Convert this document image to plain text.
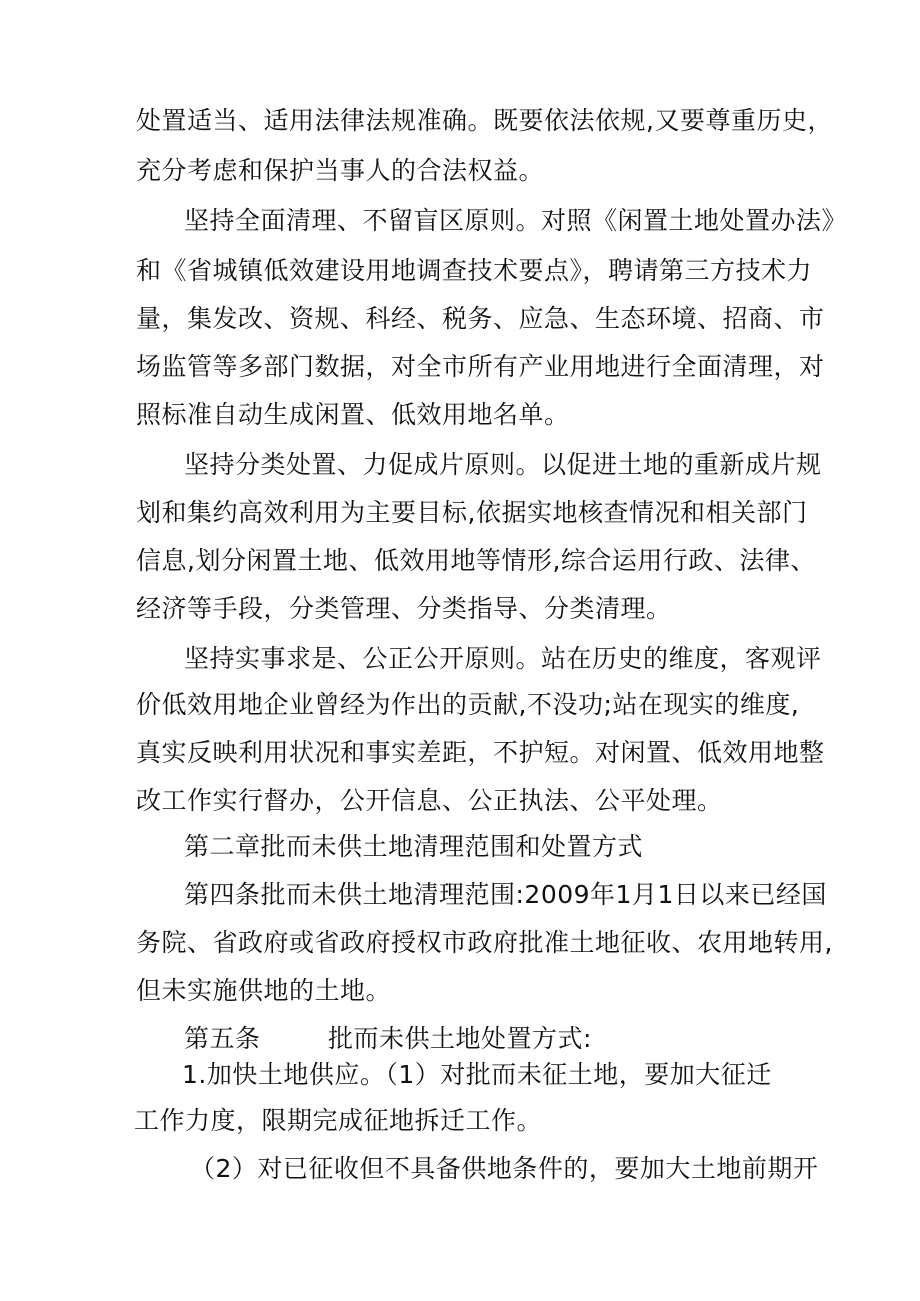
处置适当、适用法律法规准确。既要依法依规,又要尊重历史，
充分考虑和保护当事人的合法权益。
坚持全面清理、不留盲区原则。对照《闲置土地处置办法》
和《省城镇低效建设用地调查技术要点》，聘请第三方技术力
量，集发改、资规、科经、税务、应急、生态环境、招商、市
场监管等多部门数据，对全市所有产业用地进行全面清理，对
照标准自动生成闲置、低效用地名单。
坚持分类处置、力促成片原则。以促进土地的重新成片规
划和集约高效利用为主要目标,依据实地核查情况和相关部门
信息,划分闲置土地、低效用地等情形,综合运用行政、法律、
经济等手段，分类管理、分类指导、分类清理。
坚持实事求是、公正公开原则。站在历史的维度，客观评
价低效用地企业曾经为作出的贡献,不没功;站在现实的维度,
真实反映利用状况和事实差距，不护短。对闲置、低效用地整
改工作实行督办，公开信息、公正执法、公平处理。
第二章批而未供土地清理范围和处置方式
第四条批而未供土地清理范围:2009年1月1日以来已经国
务院、省政府或省政府授权市政府批准土地征收、农用地转用,
但未实施供地的土地。
第五条	批而未供土地处置方式:
1.加快土地供应。（1）对批而未征土地，要加大征迁
工作力度，限期完成征地拆迁工作。
（2）对已征收但不具备供地条件的，要加大土地前期开
